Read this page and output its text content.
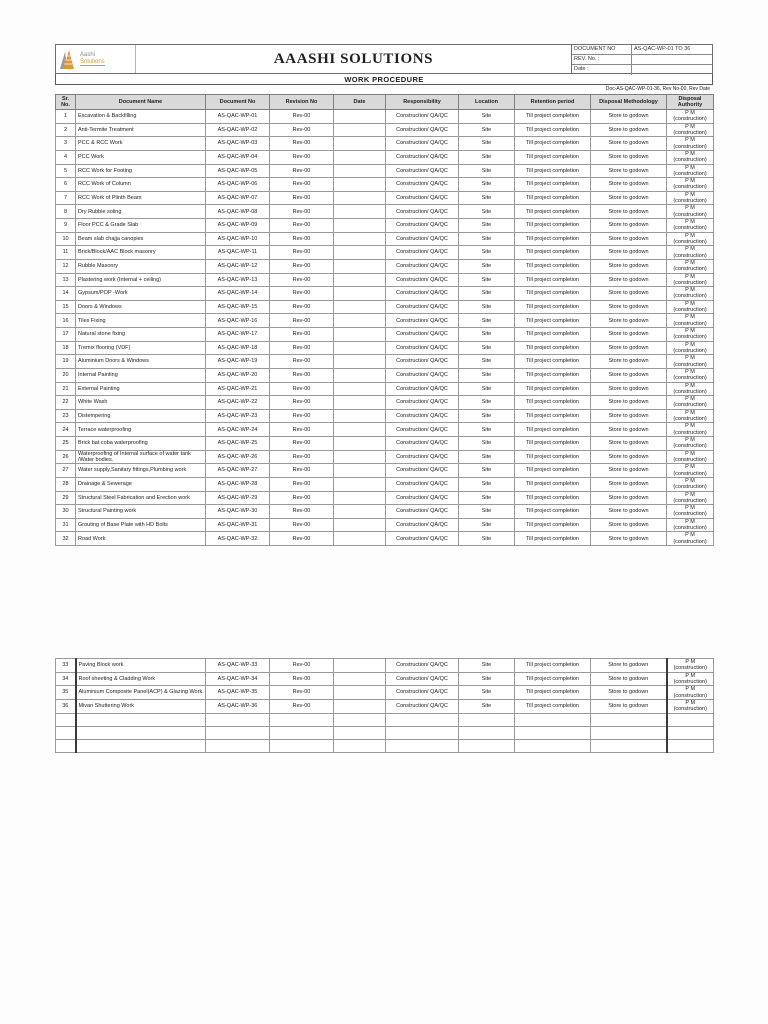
Aashi
Solutions	AAASHI SOLUTIONS
DOCUMENT NO	AS-QAC-WP-01 TO 36
REV. No. :
Date :
WORK PROCEDURE
Doc-AS-QAC-WP-01-36, Rev No-00, Rev Date
Sr. No.	Document Name	Document No	Revision No	Date	Responsibility	Location	Retention period	Disposal Methodology	Disposal Authority
1	Excavation & Backfilling	AS-QAC-WP-01	Rev-00		Construction/ QA/QC	Site	Till project completion	Store to godown	P M (construction)
2	Anti-Termite Treatment	AS-QAC-WP-02	Rev-00		Construction/ QA/QC	Site	Till project completion	Store to godown	P M (construction)
3	PCC & RCC Work	AS-QAC-WP-03	Rev-00		Construction/ QA/QC	Site	Till project completion	Store to godown	P M (construction)
4	PCC Work	AS-QAC-WP-04	Rev-00		Construction/ QA/QC	Site	Till project completion	Store to godown	P M (construction)
5	RCC Work for Footing	AS-QAC-WP-05	Rev-00		Construction/ QA/QC	Site	Till project completion	Store to godown	P M (construction)
6	RCC Work of Column	AS-QAC-WP-06	Rev-00		Construction/ QA/QC	Site	Till project completion	Store to godown	P M (construction)
7	RCC Work of Plinth Beam	AS-QAC-WP-07	Rev-00		Construction/ QA/QC	Site	Till project completion	Store to godown	P M (construction)
8	Dry Rubble soling	AS-QAC-WP-08	Rev-00		Construction/ QA/QC	Site	Till project completion	Store to godown	P M (construction)
9	Floor PCC & Grade Slab	AS-QAC-WP-09	Rev-00		Construction/ QA/QC	Site	Till project completion	Store to godown	P M (construction)
10	Beam slab chajja canopies	AS-QAC-WP-10	Rev-00		Construction/ QA/QC	Site	Till project completion	Store to godown	P M (construction)
11	Brick/Block/AAC Block masonry	AS-QAC-WP-11	Rev-00		Construction/ QA/QC	Site	Till project completion	Store to godown	P M (construction)
12	Rubble Masonry	AS-QAC-WP-12	Rev-00		Construction/ QA/QC	Site	Till project completion	Store to godown	P M (construction)
13	Plastering work (Internal + ceiling)	AS-QAC-WP-13	Rev-00		Construction/ QA/QC	Site	Till project completion	Store to godown	P M (construction)
14	Gypsum/POP -Work	AS-QAC-WP-14	Rev-00		Construction/ QA/QC	Site	Till project completion	Store to godown	P M (construction)
15	Doors & Windows	AS-QAC-WP-15	Rev-00		Construction/ QA/QC	Site	Till project completion	Store to godown	P M (construction)
16	Tiles Fixing	AS-QAC-WP-16	Rev-00		Construction/ QA/QC	Site	Till project completion	Store to godown	P M (construction)
17	Natural stone fixing	AS-QAC-WP-17	Rev-00		Construction/ QA/QC	Site	Till project completion	Store to godown	P M (construction)
18	Tremix flooring (VDF)	AS-QAC-WP-18	Rev-00		Construction/ QA/QC	Site	Till project completion	Store to godown	P M (construction)
19	Aluminium Doors & Windows	AS-QAC-WP-19	Rev-00		Construction/ QA/QC	Site	Till project completion	Store to godown	P M (construction)
20	Internal Painting	AS-QAC-WP-20	Rev-00		Construction/ QA/QC	Site	Till project completion	Store to godown	P M (construction)
21	External Painting	AS-QAC-WP-21	Rev-00		Construction/ QA/QC	Site	Till project completion	Store to godown	P M (construction)
22	White Wash	AS-QAC-WP-22	Rev-00		Construction/ QA/QC	Site	Till project completion	Store to godown	P M (construction)
23	Distempering	AS-QAC-WP-23	Rev-00		Construction/ QA/QC	Site	Till project completion	Store to godown	P M (construction)
24	Terrace waterproofing	AS-QAC-WP-24	Rev-00		Construction/ QA/QC	Site	Till project completion	Store to godown	P M (construction)
25	Brick bat coba waterproofing	AS-QAC-WP-25	Rev-00		Construction/ QA/QC	Site	Till project completion	Store to godown	P M (construction)
26	Waterproofing of Internal surface of water tank /Water bodies.	AS-QAC-WP-26	Rev-00		Construction/ QA/QC	Site	Till project completion	Store to godown	P M (construction)
27	Water supply,Sanitary fittings,Plumbing work	AS-QAC-WP-27	Rev-00		Construction/ QA/QC	Site	Till project completion	Store to godown	P M (construction)
28	Drainage & Sewerage	AS-QAC-WP-28	Rev-00		Construction/ QA/QC	Site	Till project completion	Store to godown	P M (construction)
29	Structural Steel Fabrication and Erection work	AS-QAC-WP-29	Rev-00		Construction/ QA/QC	Site	Till project completion	Store to godown	P M (construction)
30	Structural Painting work	AS-QAC-WP-30	Rev-00		Construction/ QA/QC	Site	Till project completion	Store to godown	P M (construction)
31	Grouting of Base Plate with HD Bolts	AS-QAC-WP-31	Rev-00		Construction/ QA/QC	Site	Till project completion	Store to godown	P M (construction)
32	Road Work	AS-QAC-WP-32	Rev-00		Construction/ QA/QC	Site	Till project completion	Store to godown	P M (construction)
33	Paving Block work	AS-QAC-WP-33	Rev-00		Construction/ QA/QC	Site	Till project completion	Store to godown	P M (construction)
34	Roof sheeting & Cladding Work	AS-QAC-WP-34	Rev-00		Construction/ QA/QC	Site	Till project completion	Store to godown	P M (construction)
35	Aluminium Composite Panel(ACP) & Glazing Work.	AS-QAC-WP-35	Rev-00		Construction/ QA/QC	Site	Till project completion	Store to godown	P M (construction)
36	Mivan Shuttering Work	AS-QAC-WP-36	Rev-00		Construction/ QA/QC	Site	Till project completion	Store to godown	P M (construction)
